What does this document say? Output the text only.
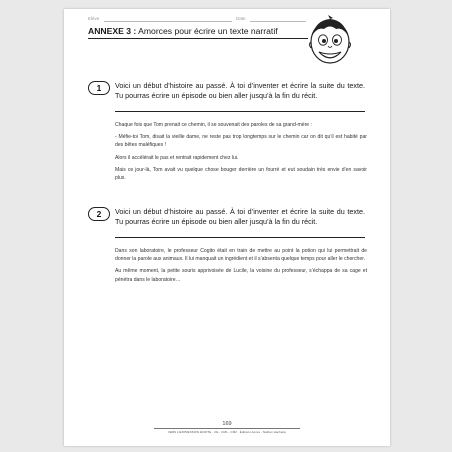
Elève	Date
ANNEXE 3 : Amorces pour écrire un texte narratif
1	Voici un début d’histoire au passé. À toi d’inventer et écrire la suite du texte. Tu pourras écrire un épisode ou bien aller jusqu’à la fin du récit.

Chaque fois que Tom prenait ce chemin, il se souvenait des paroles de sa grand-mère :

- Méfie-toi Tom, disait la vieille dame, ne reste pas trop longtemps sur le chemin car on dit qu’il est habité par des bêtes maléfiques !

Alors il accélérait le pas et rentrait rapidement chez lui.

Mais ce jour-là, Tom avait vu quelque chose bouger derrière un fourré et eut soudain très envie d’en savoir plus.

2	Voici un début d’histoire au passé. À toi d’inventer et écrire la suite du texte. Tu pourras écrire un épisode ou bien aller jusqu’à la fin du récit.

Dans son laboratoire, le professeur Cogito était en train de mettre au point la potion qui lui permettrait de donner la parole aux animaux. Il lui manquait un ingrédient et il s’absenta quelque temps pour aller le chercher.

Au même moment, la petite souris apprivoisée de Lucile, la voisine du professeur, s’échappa de sa cage et pénétra dans le laboratoire…

169
VERS L’EXPRESSION ÉCRITE - CE - CM1 - CM2 · Éditions Accès - Nathan Hachette
